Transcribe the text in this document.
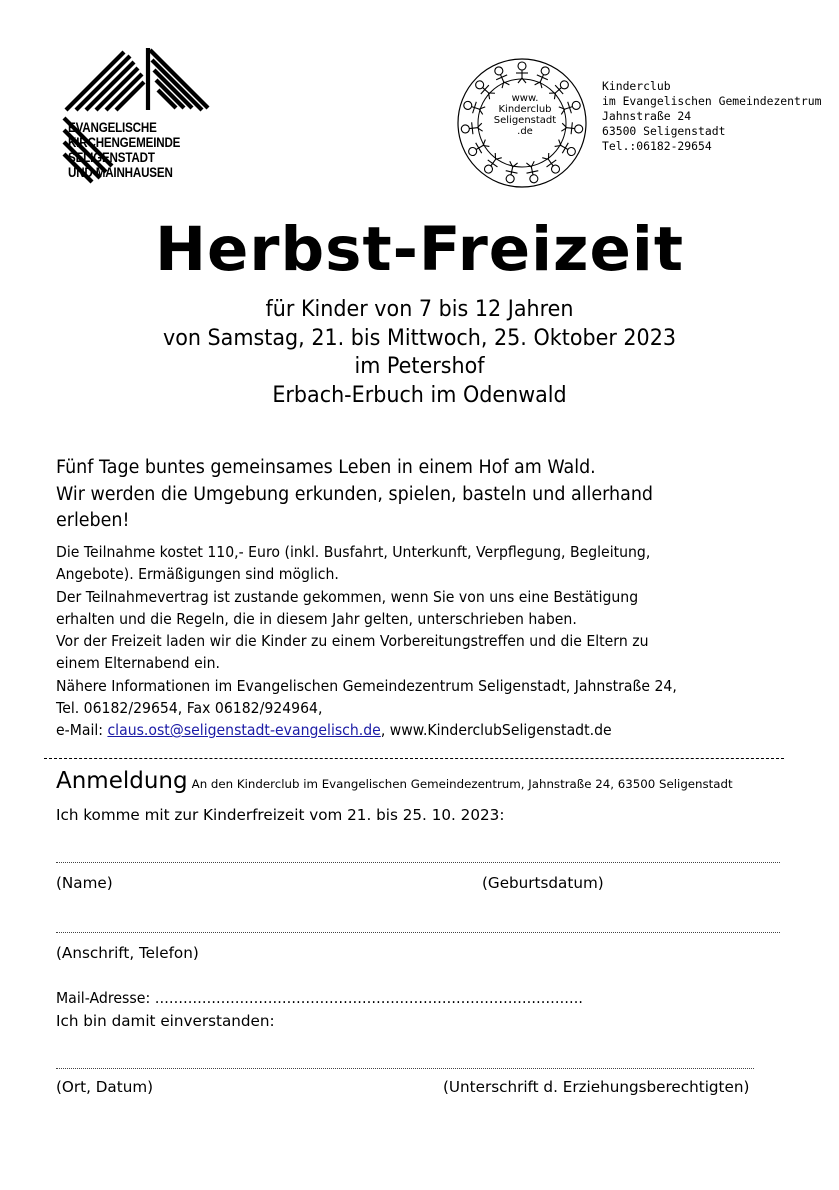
EVANGELISCHE
KIRCHENGEMEINDE
SELIGENSTADT
UND MAINHAUSEN
www.
Kinderclub
Seligenstadt
.de
Kinderclub
im Evangelischen Gemeindezentrum
Jahnstraße 24
63500 Seligenstadt
Tel.:06182-29654
Herbst-Freizeit
für Kinder von 7 bis 12 Jahren
von Samstag, 21. bis Mittwoch, 25. Oktober 2023
im Petershof
Erbach-Erbuch im Odenwald
Fünf Tage buntes gemeinsames Leben in einem Hof am Wald.
Wir werden die Umgebung erkunden, spielen, basteln und allerhand
erleben!
Die Teilnahme kostet 110,- Euro (inkl. Busfahrt, Unterkunft, Verpflegung, Begleitung,
Angebote). Ermäßigungen sind möglich.
Der Teilnahmevertrag ist zustande gekommen, wenn Sie von uns eine Bestätigung
erhalten und die Regeln, die in diesem Jahr gelten, unterschrieben haben.
Vor der Freizeit laden wir die Kinder zu einem Vorbereitungstreffen und die Eltern zu
einem Elternabend ein.
Nähere Informationen im Evangelischen Gemeindezentrum Seligenstadt, Jahnstraße 24,
Tel. 06182/29654, Fax 06182/924964,
e-Mail: claus.ost@seligenstadt-evangelisch.de, www.KinderclubSeligenstadt.de
Anmeldung An den Kinderclub im Evangelischen Gemeindezentrum, Jahnstraße 24, 63500 Seligenstadt
Ich komme mit zur Kinderfreizeit vom 21. bis 25. 10. 2023:
(Name)	(Geburtsdatum)
(Anschrift, Telefon)
Mail-Adresse: ……………………………………………………………………………….
Ich bin damit einverstanden:
(Ort, Datum)	(Unterschrift d. Erziehungsberechtigten)
